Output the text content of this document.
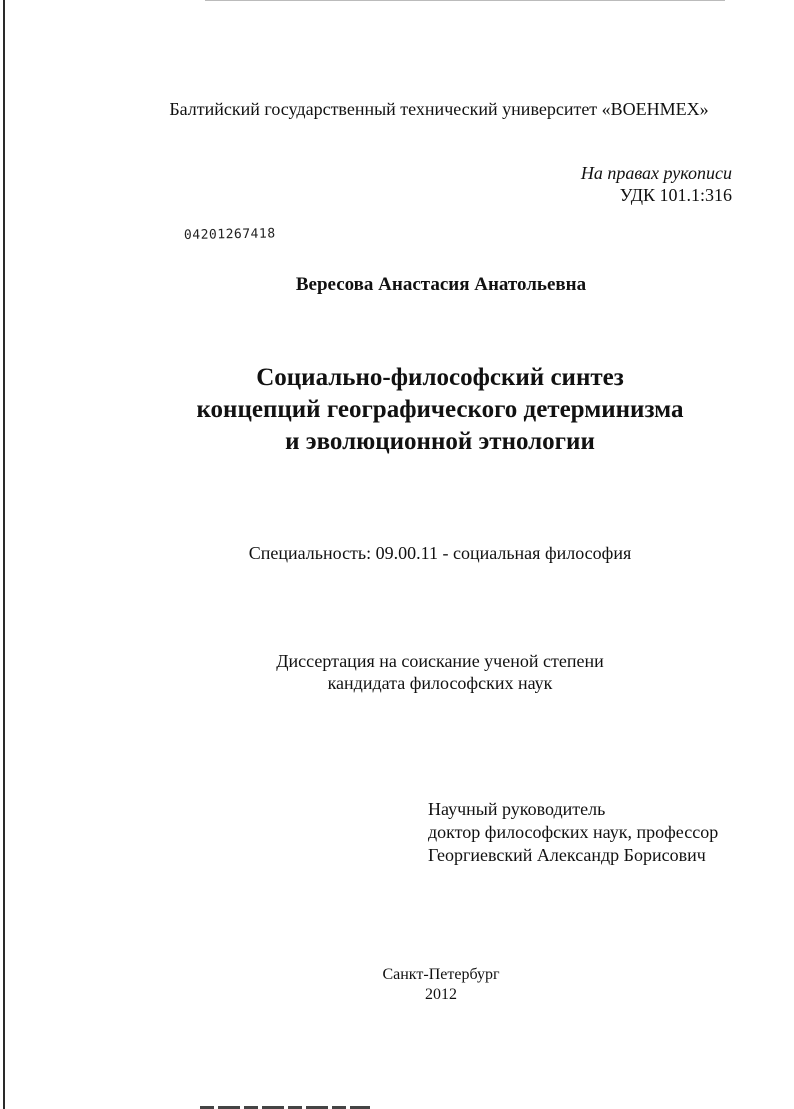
Балтийский государственный технический университет «ВОЕНМЕХ»

На правах рукописи

УДК 101.1:316

04201267418

Вересова Анастасия Анатольевна

Социально-философский синтез
концепций географического детерминизма
и эволюционной этнологии

Специальность: 09.00.11 - социальная философия

Диссертация на соискание ученой степени
кандидата философских наук

Научный руководитель
доктор философских наук, профессор
Георгиевский Александр Борисович

Санкт-Петербург

2012
